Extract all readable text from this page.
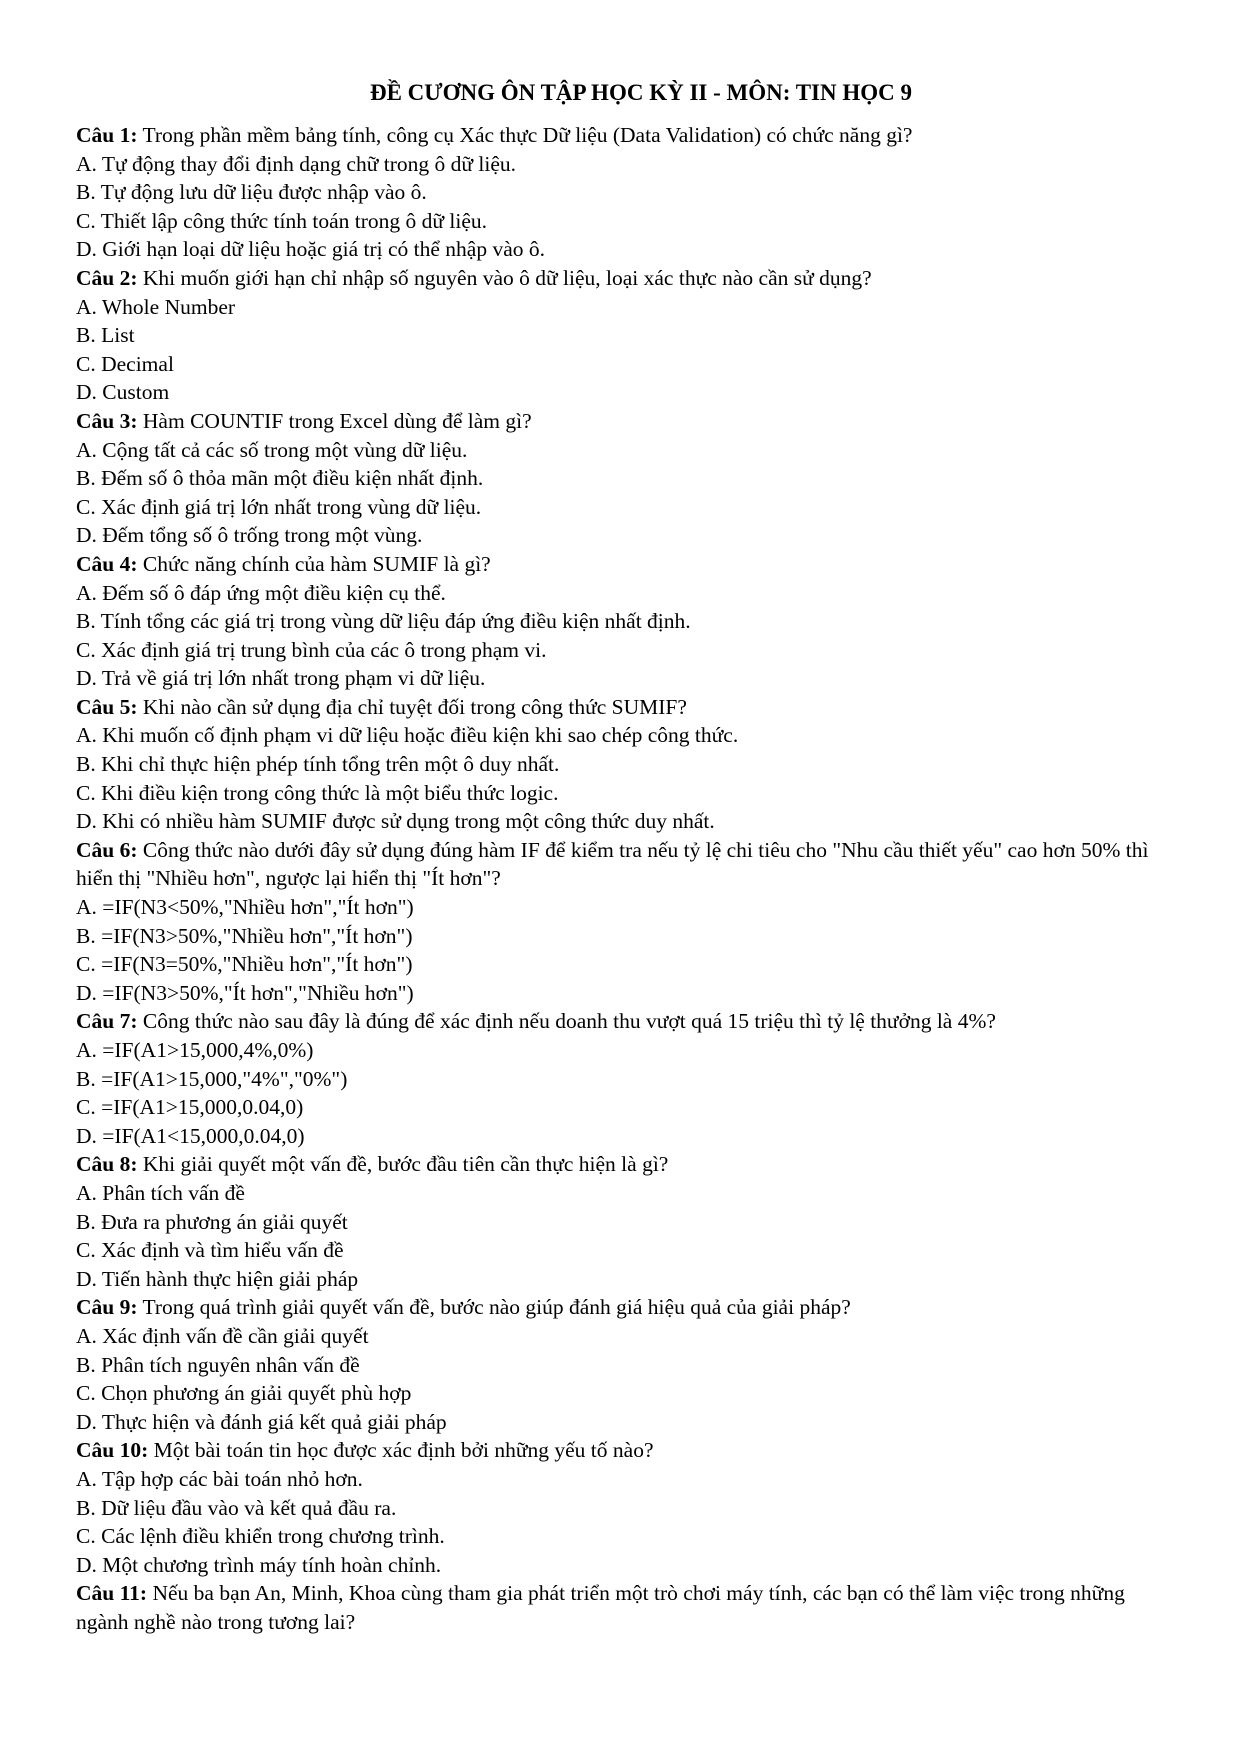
ĐỀ CƯƠNG ÔN TẬP HỌC KỲ II - MÔN: TIN HỌC 9
Câu 1: Trong phần mềm bảng tính, công cụ Xác thực Dữ liệu (Data Validation) có chức năng gì?
A. Tự động thay đổi định dạng chữ trong ô dữ liệu.
B. Tự động lưu dữ liệu được nhập vào ô.
C. Thiết lập công thức tính toán trong ô dữ liệu.
D. Giới hạn loại dữ liệu hoặc giá trị có thể nhập vào ô.
Câu 2: Khi muốn giới hạn chỉ nhập số nguyên vào ô dữ liệu, loại xác thực nào cần sử dụng?
A. Whole Number
B. List
C. Decimal
D. Custom
Câu 3: Hàm COUNTIF trong Excel dùng để làm gì?
A. Cộng tất cả các số trong một vùng dữ liệu.
B. Đếm số ô thỏa mãn một điều kiện nhất định.
C. Xác định giá trị lớn nhất trong vùng dữ liệu.
D. Đếm tổng số ô trống trong một vùng.
Câu 4: Chức năng chính của hàm SUMIF là gì?
A. Đếm số ô đáp ứng một điều kiện cụ thể.
B. Tính tổng các giá trị trong vùng dữ liệu đáp ứng điều kiện nhất định.
C. Xác định giá trị trung bình của các ô trong phạm vi.
D. Trả về giá trị lớn nhất trong phạm vi dữ liệu.
Câu 5: Khi nào cần sử dụng địa chỉ tuyệt đối trong công thức SUMIF?
A. Khi muốn cố định phạm vi dữ liệu hoặc điều kiện khi sao chép công thức.
B. Khi chỉ thực hiện phép tính tổng trên một ô duy nhất.
C. Khi điều kiện trong công thức là một biểu thức logic.
D. Khi có nhiều hàm SUMIF được sử dụng trong một công thức duy nhất.
Câu 6: Công thức nào dưới đây sử dụng đúng hàm IF để kiểm tra nếu tỷ lệ chi tiêu cho "Nhu cầu thiết yếu" cao hơn 50% thì hiển thị "Nhiều hơn", ngược lại hiển thị "Ít hơn"?
A. =IF(N3<50%,"Nhiều hơn","Ít hơn")
B. =IF(N3>50%,"Nhiều hơn","Ít hơn")
C. =IF(N3=50%,"Nhiều hơn","Ít hơn")
D. =IF(N3>50%,"Ít hơn","Nhiều hơn")
Câu 7: Công thức nào sau đây là đúng để xác định nếu doanh thu vượt quá 15 triệu thì tỷ lệ thưởng là 4%?
A. =IF(A1>15,000,4%,0%)
B. =IF(A1>15,000,"4%","0%")
C. =IF(A1>15,000,0.04,0)
D. =IF(A1<15,000,0.04,0)
Câu 8: Khi giải quyết một vấn đề, bước đầu tiên cần thực hiện là gì?
A. Phân tích vấn đề
B. Đưa ra phương án giải quyết
C. Xác định và tìm hiểu vấn đề
D. Tiến hành thực hiện giải pháp
Câu 9: Trong quá trình giải quyết vấn đề, bước nào giúp đánh giá hiệu quả của giải pháp?
A. Xác định vấn đề cần giải quyết
B. Phân tích nguyên nhân vấn đề
C. Chọn phương án giải quyết phù hợp
D. Thực hiện và đánh giá kết quả giải pháp
Câu 10: Một bài toán tin học được xác định bởi những yếu tố nào?
A. Tập hợp các bài toán nhỏ hơn.
B. Dữ liệu đầu vào và kết quả đầu ra.
C. Các lệnh điều khiển trong chương trình.
D. Một chương trình máy tính hoàn chỉnh.
Câu 11: Nếu ba bạn An, Minh, Khoa cùng tham gia phát triển một trò chơi máy tính, các bạn có thể làm việc trong những ngành nghề nào trong tương lai?
